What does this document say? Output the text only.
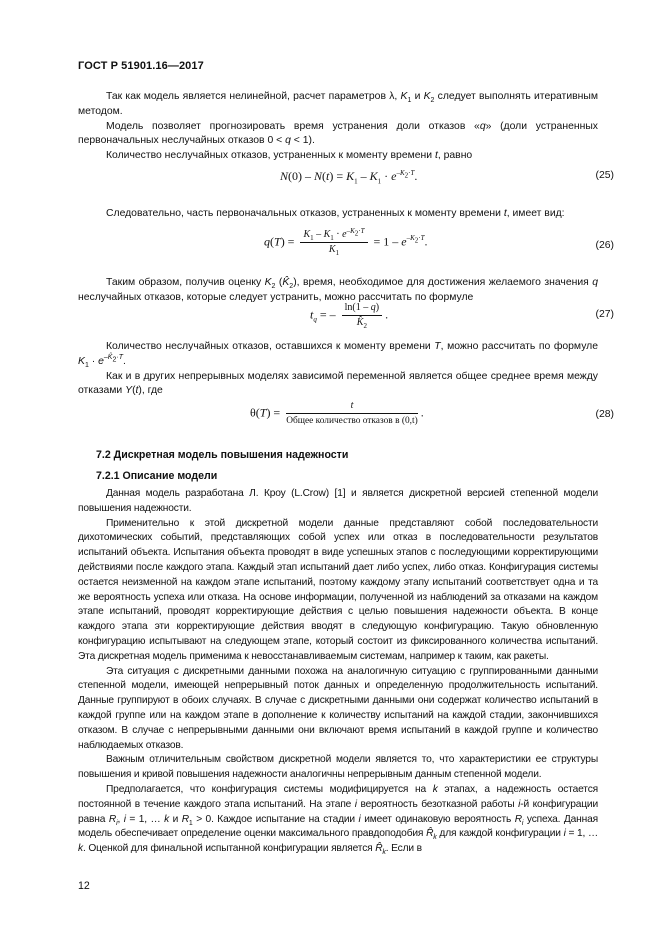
ГОСТ Р 51901.16—2017

Так как модель является нелинейной, расчет параметров λ, $K_1$ и $K_2$ следует выполнять итеративным методом.

Модель позволяет прогнозировать время устранения доли отказов «q» (доли устраненных первоначальных неслучайных отказов 0 < q < 1).

Количество неслучайных отказов, устраненных к моменту времени t, равно

$N(0) - N(t) = K_1 - K_1 \cdot e^{-K_2\cdot T}$.	(25)

Следовательно, часть первоначальных отказов, устраненных к моменту времени t, имеет вид:

$q(T) = \frac{K_1 - K_1 \cdot e^{-K_2\cdot T}}{K_1} = 1 - e^{-K_2\cdot T}$.	(26)

Таким образом, получив оценку $K_2$ $(K̂_2)$, время, необходимое для достижения желаемого значения q неслучайных отказов, которые следует устранить, можно рассчитать по формуле

$t_q$ = – $\frac{\ln(1 - q)}{K̂_2}$ .	(27)

Количество неслучайных отказов, оставшихся к моменту времени T, можно рассчитать по формуле $K_1 \cdot e^{-K̂_2\cdot T}$.

Как и в других непрерывных моделях зависимой переменной является общее среднее время между отказами Y(t), где

$\theta(T) = \frac{t}{\text{Общее количество отказов в (0,t)}}$ .	(28)
7.2 Дискретная модель повышения надежности
7.2.1 Описание модели

Данная модель разработана Л. Кроу (L.Crow) [1] и является дискретной версией степенной модели повышения надежности.

Применительно к этой дискретной модели данные представляют собой последовательности дихотомических событий, представляющих собой успех или отказ в последовательности результатов испытаний объекта. Испытания объекта проводят в виде успешных этапов с последующими корректирующими действиями после каждого этапа. Каждый этап испытаний дает либо успех, либо отказ. Конфигурация системы остается неизменной на каждом этапе испытаний, поэтому каждому этапу испытаний соответствует одна и та же вероятность успеха или отказа. На основе информации, полученной из наблюдений за отказами на каждом этапе испытаний, проводят корректирующие действия с целью повышения надежности объекта. В конце каждого этапа эти корректирующие действия вводят в следующую конфигурацию. Такую обновленную конфигурацию испытывают на следующем этапе, который состоит из фиксированного количества испытаний. Эта дискретная модель применима к невосстанавливаемым системам, например к таким, как ракеты.

Эта ситуация с дискретными данными похожа на аналогичную ситуацию с группированными данными степенной модели, имеющей непрерывный поток данных и определенную продолжительность испытаний. Данные группируют в обоих случаях. В случае с дискретными данными они содержат количество испытаний в каждой группе или на каждом этапе в дополнение к количеству испытаний на каждой стадии, закончившихся отказом. В случае с непрерывными данными они включают время испытаний в каждой группе и количество наблюдаемых отказов.

Важным отличительным свойством дискретной модели является то, что характеристики ее структуры повышения и кривой повышения надежности аналогичны непрерывным данным степенной модели.

Предполагается, что конфигурация системы модифицируется на k этапах, а надежность остается постоянной в течение каждого этапа испытаний. На этапе i вероятность безотказной работы i-й конфигурации равна $R_i$, i = 1, … k и $R_1 > 0$. Каждое испытание на стадии i имеет одинаковую вероятность $R_i$ успеха. Данная модель обеспечивает определение оценки максимального правдоподобия $R̂_k$ для каждой конфигурации i = 1, … k. Оценкой для финальной испытанной конфигурации является $R̂_k$. Если в

12
